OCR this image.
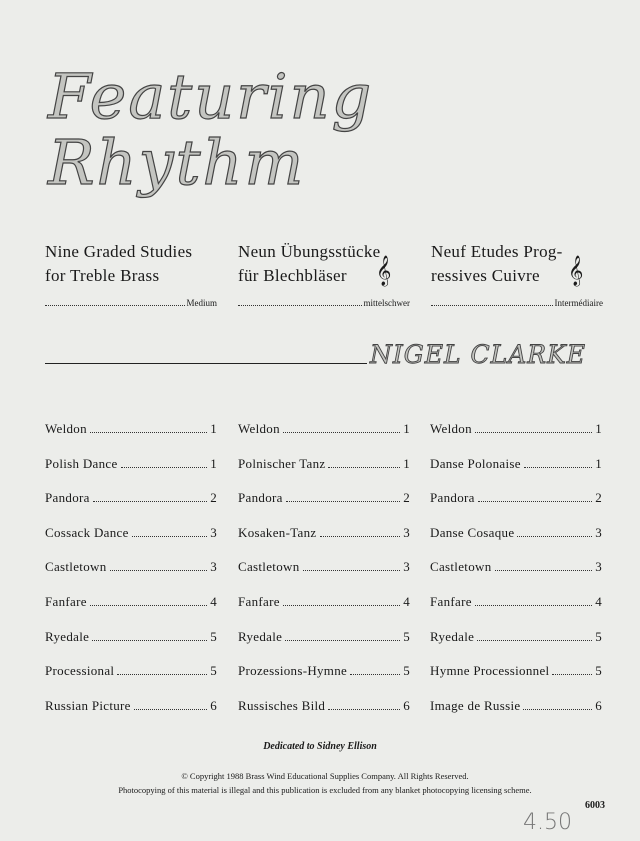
Featuring
Rhythm
Nine Graded Studies
for Treble Brass
Neun Übungsstücke
für Blechbläser
Neuf Etudes Prog-
ressives Cuivre
𝄞	𝄞
Medium	mittelschwer	Intermédiaire
NIGEL CLARKE
Weldon	1
Polish Dance	1
Pandora	2
Cossack Dance	3
Castletown	3
Fanfare	4
Ryedale	5
Processional	5
Russian Picture	6
Weldon	1
Polnischer Tanz	1
Pandora	2
Kosaken-Tanz	3
Castletown	3
Fanfare	4
Ryedale	5
Prozessions-Hymne	5
Russisches Bild	6
Weldon	1
Danse Polonaise	1
Pandora	2
Danse Cosaque	3
Castletown	3
Fanfare	4
Ryedale	5
Hymne Processionnel	5
Image de Russie	6
Dedicated to Sidney Ellison
© Copyright 1988 Brass Wind Educational Supplies Company. All Rights Reserved.
Photocopying of this material is illegal and this publication is excluded from any blanket photocopying licensing scheme.
6003
4.50
